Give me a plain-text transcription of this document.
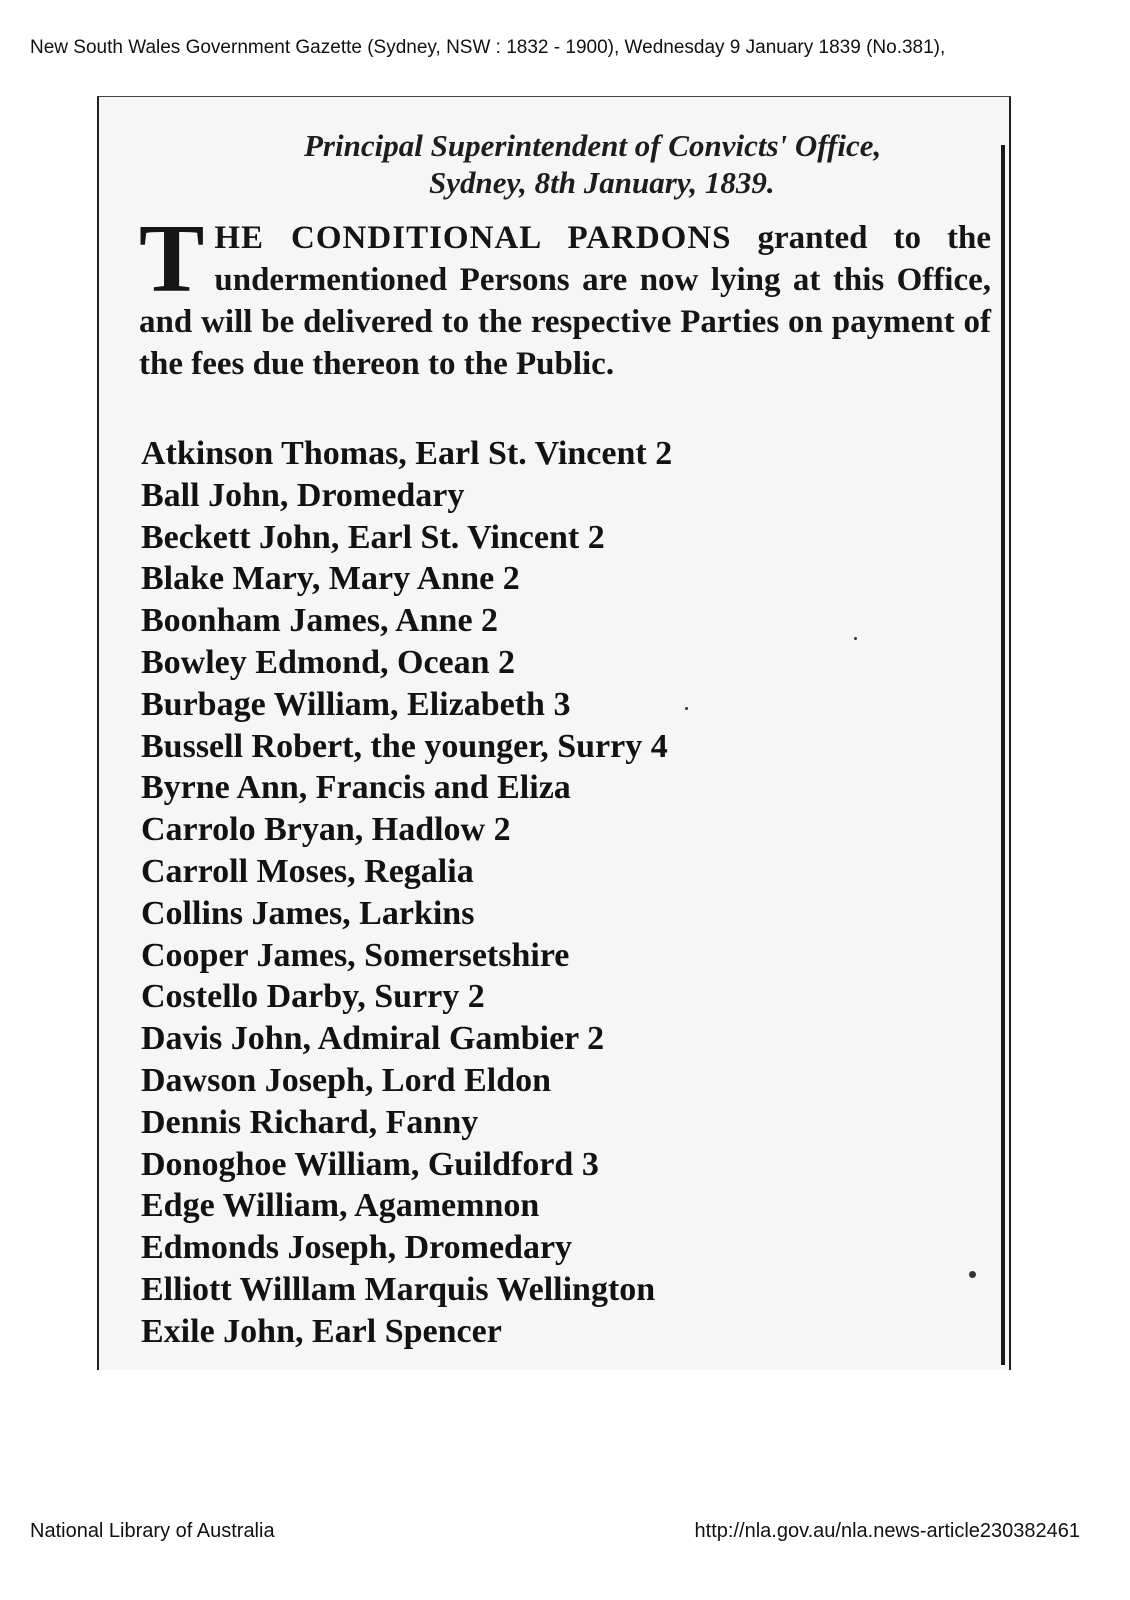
New South Wales Government Gazette (Sydney, NSW : 1832 - 1900), Wednesday 9 January 1839 (No.381),
Principal Superintendent of Convicts' Office,
Sydney, 8th January, 1839.
THE CONDITIONAL PARDONS granted to the undermentioned Persons are now lying at this Office, and will be delivered to the respective Parties on payment of the fees due thereon to the Public.
Atkinson Thomas, Earl St. Vincent 2
Ball John, Dromedary
Beckett John, Earl St. Vincent 2
Blake Mary, Mary Anne 2
Boonham James, Anne 2
Bowley Edmond, Ocean 2
Burbage William, Elizabeth 3
Bussell Robert, the younger, Surry 4
Byrne Ann, Francis and Eliza
Carrolo Bryan, Hadlow 2
Carroll Moses, Regalia
Collins James, Larkins
Cooper James, Somersetshire
Costello Darby, Surry 2
Davis John, Admiral Gambier 2
Dawson Joseph, Lord Eldon
Dennis Richard, Fanny
Donoghoe William, Guildford 3
Edge William, Agamemnon
Edmonds Joseph, Dromedary
Elliott Willlam Marquis Wellington
Exile John, Earl Spencer
National Library of Australia	http://nla.gov.au/nla.news-article230382461
